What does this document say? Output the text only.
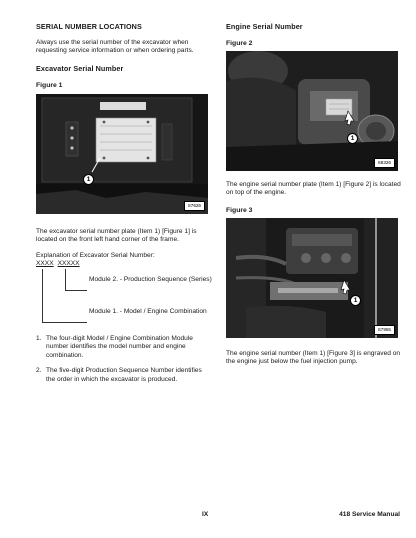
SERIAL NUMBER LOCATIONS
Always use the serial number of the excavator when requesting service information or when ordering parts.
Excavator Serial Number
Figure 1
1
S7626
The excavator serial number plate (Item 1) [Figure 1] is located on the front left hand corner of the frame.
Explanation of Excavator Serial Number:
XXXX XXXXX
Module 2. - Production Sequence (Series)
Module 1. - Model / Engine Combination
1. The four-digit Model / Engine Combination Module number identifies the model number and engine combination.
2. The five-digit Production Sequence Number identifies the order in which the excavator is produced.
Engine Serial Number
Figure 2
1
S8326
The engine serial number plate (Item 1) [Figure 2] is located on top of the engine.
Figure 3
1
S7955
The engine serial number (Item 1) [Figure 3] is engraved on the engine just below the fuel injection pump.
IX	418 Service Manual
